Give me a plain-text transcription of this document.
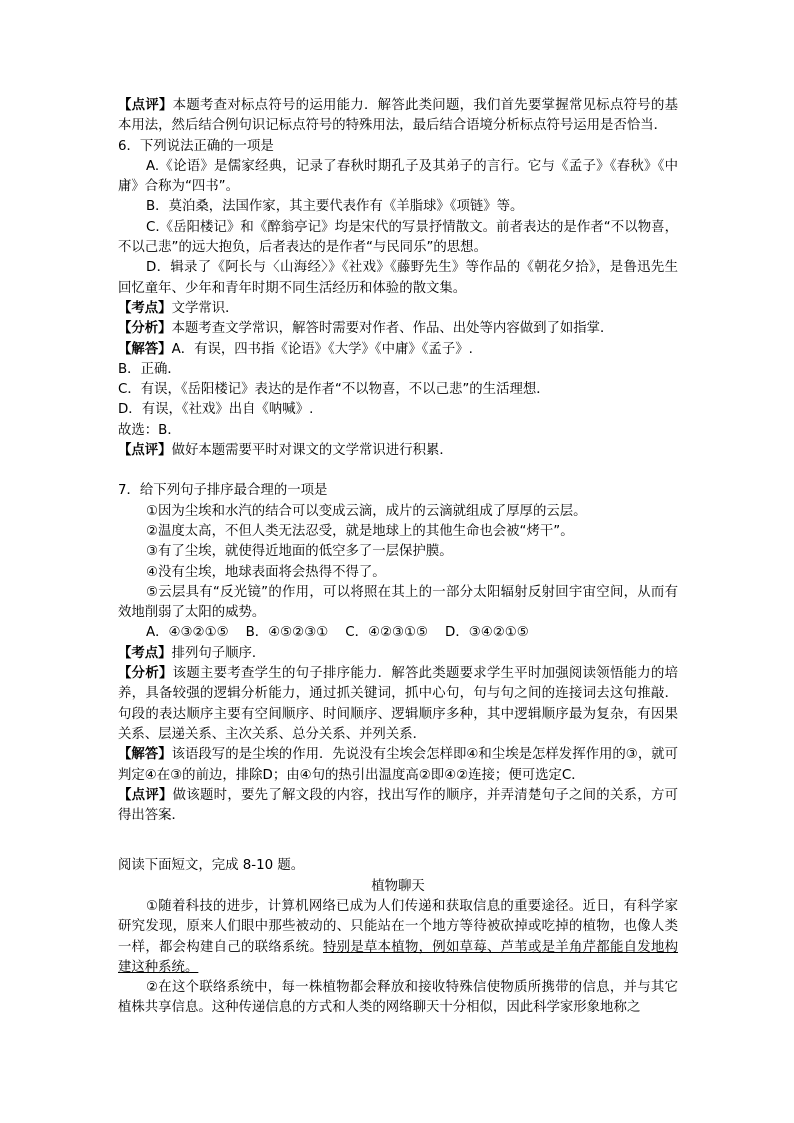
【点评】本题考查对标点符号的运用能力．解答此类问题，我们首先要掌握常见标点符号的基本用法，然后结合例句识记标点符号的特殊用法，最后结合语境分析标点符号运用是否恰当．

6．下列说法正确的一项是

A.《论语》是儒家经典，记录了春秋时期孔子及其弟子的言行。它与《孟子》《春秋》《中庸》合称为“四书”。

B．莫泊桑，法国作家，其主要代表作有《羊脂球》《项链》等。

C.《岳阳楼记》和《醉翁亭记》均是宋代的写景抒情散文。前者表达的是作者“不以物喜，不以己悲”的远大抱负，后者表达的是作者“与民同乐”的思想。

D．辑录了《阿长与〈山海经〉》《社戏》《藤野先生》等作品的《朝花夕拾》，是鲁迅先生回忆童年、少年和青年时期不同生活经历和体验的散文集。

【考点】文学常识．

【分析】本题考查文学常识，解答时需要对作者、作品、出处等内容做到了如指掌．

【解答】A．有误，四书指《论语》《大学》《中庸》《孟子》.

B．正确．

C．有误，《岳阳楼记》表达的是作者“不以物喜，不以己悲”的生活理想．

D．有误，《社戏》出自《呐喊》.

故选：B．

【点评】做好本题需要平时对课文的文学常识进行积累．

7．给下列句子排序最合理的一项是

①因为尘埃和水汽的结合可以变成云滴，成片的云滴就组成了厚厚的云层。

②温度太高，不但人类无法忍受，就是地球上的其他生命也会被“烤干”。

③有了尘埃，就使得近地面的低空多了一层保护膜。

④没有尘埃，地球表面将会热得不得了。

⑤云层具有“反光镜”的作用，可以将照在其上的一部分太阳辐射反射回宇宙空间，从而有效地削弱了太阳的威势。

A．④③②①⑤    B．④⑤②③①    C．④②③①⑤    D．③④②①⑤

【考点】排列句子顺序．

【分析】该题主要考查学生的句子排序能力．解答此类题要求学生平时加强阅读领悟能力的培养，具备较强的逻辑分析能力，通过抓关键词，抓中心句，句与句之间的连接词去这句推敲．句段的表达顺序主要有空间顺序、时间顺序、逻辑顺序多种，其中逻辑顺序最为复杂，有因果关系、层递关系、主次关系、总分关系、并列关系．

【解答】该语段写的是尘埃的作用．先说没有尘埃会怎样即④和尘埃是怎样发挥作用的③，就可判定④在③的前边，排除D；由④句的热引出温度高②即④②连接；便可选定C．

【点评】做该题时，要先了解文段的内容，找出写作的顺序，并弄清楚句子之间的关系，方可得出答案．

阅读下面短文，完成 8-10 题。

植物聊天

①随着科技的进步，计算机网络已成为人们传递和获取信息的重要途径。近日，有科学家研究发现，原来人们眼中那些被动的、只能站在一个地方等待被砍掉或吃掉的植物，也像人类一样，都会构建自己的联络系统。特别是草本植物，例如草莓、芦苇或是羊角芹都能自发地构建这种系统。

②在这个联络系统中，每一株植物都会释放和接收特殊信使物质所携带的信息，并与其它植株共享信息。这种传递信息的方式和人类的网络聊天十分相似，因此科学家形象地称之
